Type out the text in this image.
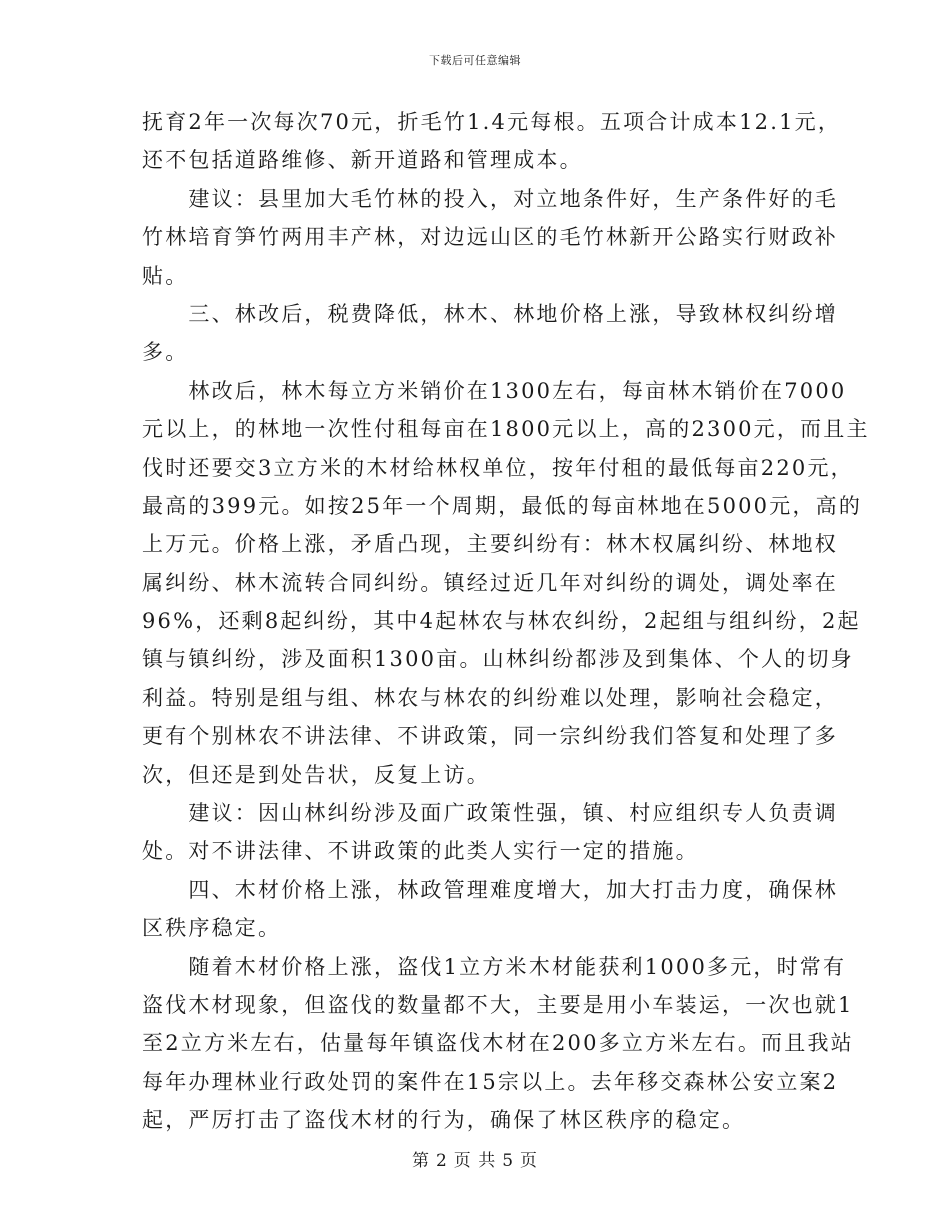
下载后可任意编辑
抚育2年一次每次70元，折毛竹1.4元每根。五项合计成本12.1元，
还不包括道路维修、新开道路和管理成本。
　　建议：县里加大毛竹林的投入，对立地条件好，生产条件好的毛
竹林培育笋竹两用丰产林，对边远山区的毛竹林新开公路实行财政补
贴。
　　三、林改后，税费降低，林木、林地价格上涨，导致林权纠纷增
多。
　　林改后，林木每立方米销价在1300左右，每亩林木销价在7000
元以上，的林地一次性付租每亩在1800元以上，高的2300元，而且主
伐时还要交3立方米的木材给林权单位，按年付租的最低每亩220元，
最高的399元。如按25年一个周期，最低的每亩林地在5000元，高的
上万元。价格上涨，矛盾凸现，主要纠纷有：林木权属纠纷、林地权
属纠纷、林木流转合同纠纷。镇经过近几年对纠纷的调处，调处率在
96%，还剩8起纠纷，其中4起林农与林农纠纷，2起组与组纠纷，2起
镇与镇纠纷，涉及面积1300亩。山林纠纷都涉及到集体、个人的切身
利益。特别是组与组、林农与林农的纠纷难以处理，影响社会稳定，
更有个别林农不讲法律、不讲政策，同一宗纠纷我们答复和处理了多
次，但还是到处告状，反复上访。
　　建议：因山林纠纷涉及面广政策性强，镇、村应组织专人负责调
处。对不讲法律、不讲政策的此类人实行一定的措施。
　　四、木材价格上涨，林政管理难度增大，加大打击力度，确保林
区秩序稳定。
　　随着木材价格上涨，盗伐1立方米木材能获利1000多元，时常有
盗伐木材现象，但盗伐的数量都不大，主要是用小车装运，一次也就1
至2立方米左右，估量每年镇盗伐木材在200多立方米左右。而且我站
每年办理林业行政处罚的案件在15宗以上。去年移交森林公安立案2
起，严厉打击了盗伐木材的行为，确保了林区秩序的稳定。
第 2 页 共 5 页
